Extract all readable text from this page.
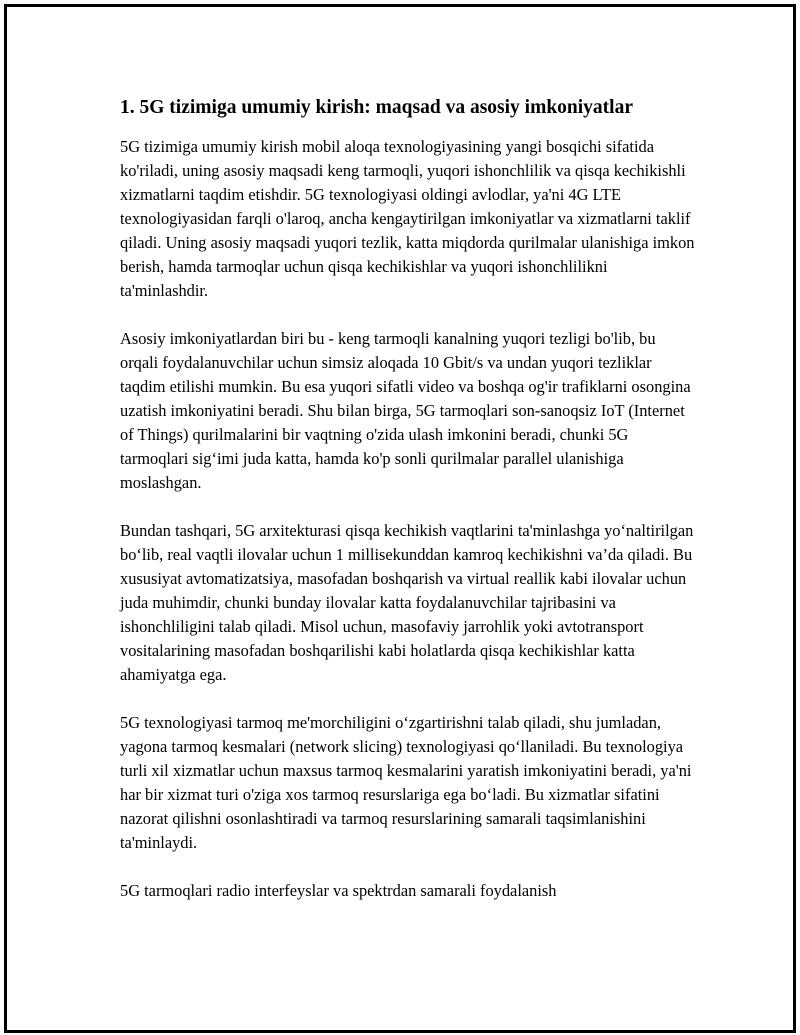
1. 5G tizimiga umumiy kirish: maqsad va asosiy imkoniyatlar

5G tizimiga umumiy kirish mobil aloqa texnologiyasining yangi bosqichi sifatida ko'riladi, uning asosiy maqsadi keng tarmoqli, yuqori ishonchlilik va qisqa kechikishli xizmatlarni taqdim etishdir. 5G texnologiyasi oldingi avlodlar, ya'ni 4G LTE texnologiyasidan farqli o'laroq, ancha kengaytirilgan imkoniyatlar va xizmatlarni taklif qiladi. Uning asosiy maqsadi yuqori tezlik, katta miqdorda qurilmalar ulanishiga imkon berish, hamda tarmoqlar uchun qisqa kechikishlar va yuqori ishonchlilikni ta'minlashdir.

Asosiy imkoniyatlardan biri bu - keng tarmoqli kanalning yuqori tezligi bo'lib, bu orqali foydalanuvchilar uchun simsiz aloqada 10 Gbit/s va undan yuqori tezliklar taqdim etilishi mumkin. Bu esa yuqori sifatli video va boshqa og'ir trafiklarni osongina uzatish imkoniyatini beradi. Shu bilan birga, 5G tarmoqlari son-sanoqsiz IoT (Internet of Things) qurilmalarini bir vaqtning o'zida ulash imkonini beradi, chunki 5G tarmoqlari sig‘imi juda katta, hamda ko'p sonli qurilmalar parallel ulanishiga moslashgan.

Bundan tashqari, 5G arxitekturasi qisqa kechikish vaqtlarini ta'minlashga yo‘naltirilgan bo‘lib, real vaqtli ilovalar uchun 1 millisekunddan kamroq kechikishni va’da qiladi. Bu xususiyat avtomatizatsiya, masofadan boshqarish va virtual reallik kabi ilovalar uchun juda muhimdir, chunki bunday ilovalar katta foydalanuvchilar tajribasini va ishonchliligini talab qiladi. Misol uchun, masofaviy jarrohlik yoki avtotransport vositalarining masofadan boshqarilishi kabi holatlarda qisqa kechikishlar katta ahamiyatga ega.

5G texnologiyasi tarmoq me'morchiligini o‘zgartirishni talab qiladi, shu jumladan, yagona tarmoq kesmalari (network slicing) texnologiyasi qo‘llaniladi. Bu texnologiya turli xil xizmatlar uchun maxsus tarmoq kesmalarini yaratish imkoniyatini beradi, ya'ni har bir xizmat turi o'ziga xos tarmoq resurslariga ega bo‘ladi. Bu xizmatlar sifatini nazorat qilishni osonlashtiradi va tarmoq resurslarining samarali taqsimlanishini ta'minlaydi.

5G tarmoqlari radio interfeyslar va spektrdan samarali foydalanish
